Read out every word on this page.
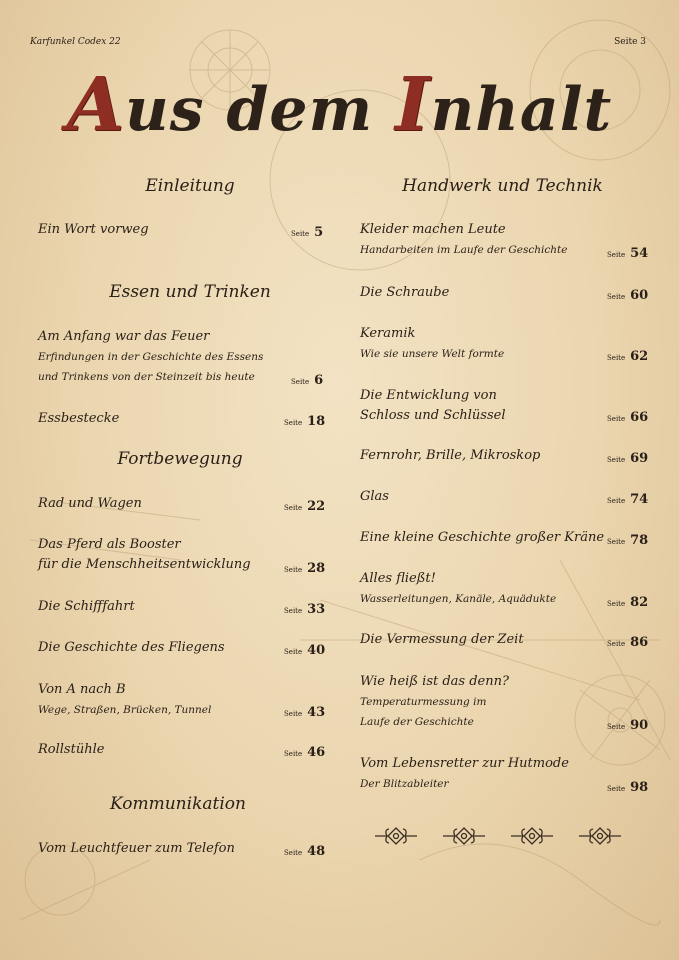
Karfunkel Codex 22	Seite 3
Aus dem Inhalt
Einleitung
Ein Wort vorweg	Seite 5
Essen und Trinken
Am Anfang war das Feuer
Erfindungen in der Geschichte des Essens
und Trinkens von der Steinzeit bis heute	Seite 6
Essbestecke	Seite 18
Fortbewegung
Rad und Wagen	Seite 22
Das Pferd als Booster
für die Menschheitsentwicklung	Seite 28
Die Schifffahrt	Seite 33
Die Geschichte des Fliegens	Seite 40
Von A nach B
Wege, Straßen, Brücken, Tunnel	Seite 43
Rollstühle	Seite 46
Kommunikation
Vom Leuchtfeuer zum Telefon	Seite 48
Handwerk und Technik
Kleider machen Leute
Handarbeiten im Laufe der Geschichte	Seite 54
Die Schraube	Seite 60
Keramik
Wie sie unsere Welt formte	Seite 62
Die Entwicklung von
Schloss und Schlüssel	Seite 66
Fernrohr, Brille, Mikroskop	Seite 69
Glas	Seite 74
Eine kleine Geschichte großer Kräne Seite 78
Alles fließt!
Wasserleitungen, Kanäle, Aquädukte	Seite 82
Die Vermessung der Zeit	Seite 86
Wie heiß ist das denn?
Temperaturmessung im
Laufe der Geschichte	Seite 90
Vom Lebensretter zur Hutmode
Der Blitzableiter	Seite 98
